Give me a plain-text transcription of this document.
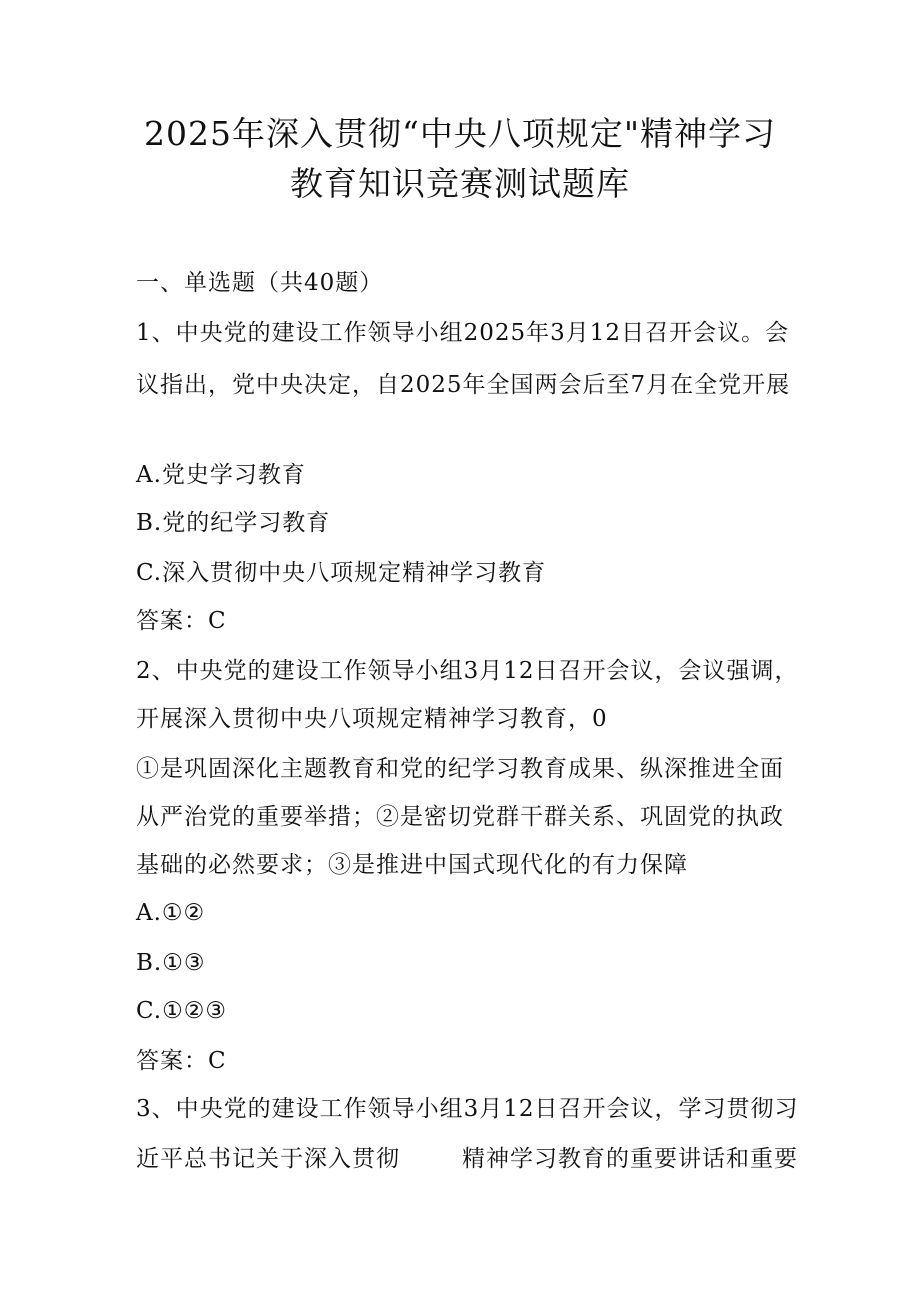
2025年深入贯彻“中央八项规定"精神学习
教育知识竞赛测试题库
一、单选题（共40题）
1、中央党的建设工作领导小组2025年3月12日召开会议。会
议指出，党中央决定，自2025年全国两会后至7月在全党开展
A.党史学习教育
B.党的纪学习教育
C.深入贯彻中央八项规定精神学习教育
答案：C
2、中央党的建设工作领导小组3月12日召开会议，会议强调，
开展深入贯彻中央八项规定精神学习教育，0
①是巩固深化主题教育和党的纪学习教育成果、纵深推进全面
从严治党的重要举措；②是密切党群干群关系、巩固党的执政
基础的必然要求；③是推进中国式现代化的有力保障
A.①②
B.①③
C.①②③
答案：C
3、中央党的建设工作领导小组3月12日召开会议，学习贯彻习
近平总书记关于深入贯彻	精神学习教育的重要讲话和重要
